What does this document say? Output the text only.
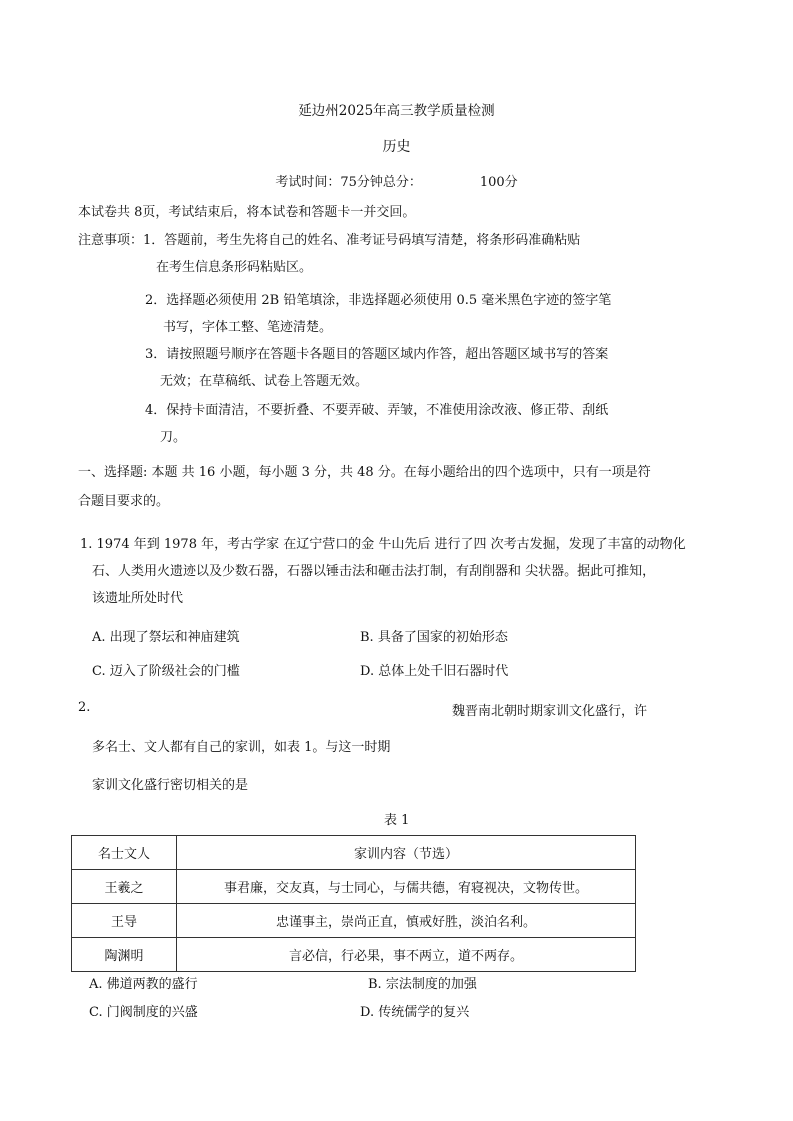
延边州2025年高三教学质量检测
历史
考试时间：75分钟总分：	100分
本试卷共 8页，考试结束后，将本试卷和答题卡一并交回。
注意事项：1．答题前，考生先将自己的姓名、准考证号码填写清楚，将条形码准确粘贴
在考生信息条形码粘贴区。
2．选择题必须使用 2B 铅笔填涂，非选择题必须使用 0.5 毫米黑色字迹的签字笔
书写，字体工整、笔迹清楚。
3．请按照题号顺序在答题卡各题目的答题区域内作答，超出答题区域书写的答案
无效；在草稿纸、试卷上答题无效。
4．保持卡面清洁，不要折叠、不要弄破、弄皱，不准使用涂改液、修正带、刮纸
刀。
一、选择题: 本题 共 16 小题，每小题 3 分，共 48 分。在每小题给出的四个选项中，只有一项是符
合题目要求的。
1. 1974 年到 1978 年，考古学家 在辽宁营口的金 牛山先后 进行了四 次考古发掘，发现了丰富的动物化
石、人类用火遗迹以及少数石器，石器以锤击法和砸击法打制，有刮削器和 尖状器。据此可推知，
该遗址所处时代
A. 出现了祭坛和神庙建筑	B. 具备了国家的初始形态
C. 迈入了阶级社会的门槛	D. 总体上处千旧石器时代
2.	魏晋南北朝时期家训文化盛行，许
多名士、文人都有自己的家训，如表 1。与这一时期
家训文化盛行密切相关的是
表 1
名士文人	家训内容（节选）
王羲之	事君廉，交友真，与士同心，与儒共德，宥寝视决，文物传世。
王导	忠谨事主，崇尚正直，慎戒好胜，淡泊名利。
陶渊明	言必信，行必果，事不两立，道不两存。
A. 佛道两教的盛行	B. 宗法制度的加强
C. 门阀制度的兴盛	D. 传统儒学的复兴
